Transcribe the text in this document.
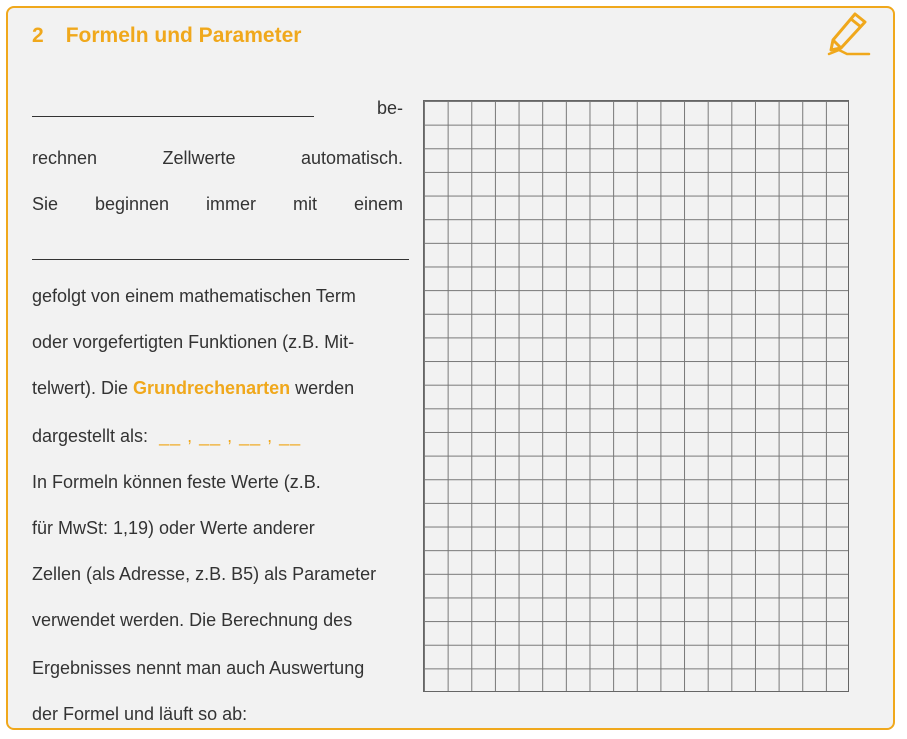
2 Formeln und Parameter
be-
rechnen	Zellwerte	automatisch.
Sie beginnen immer mit einem
gefolgt von einem mathematischen Term
oder vorgefertigten Funktionen (z.B. Mit-
telwert). Die Grundrechenarten werden
dargestellt als: __ , __ , __ , __
In Formeln können feste Werte (z.B.
für MwSt: 1,19) oder Werte anderer
Zellen (als Adresse, z.B. B5) als Parameter
verwendet werden. Die Berechnung des
Ergebnisses nennt man auch Auswertung
der Formel und läuft so ab:
